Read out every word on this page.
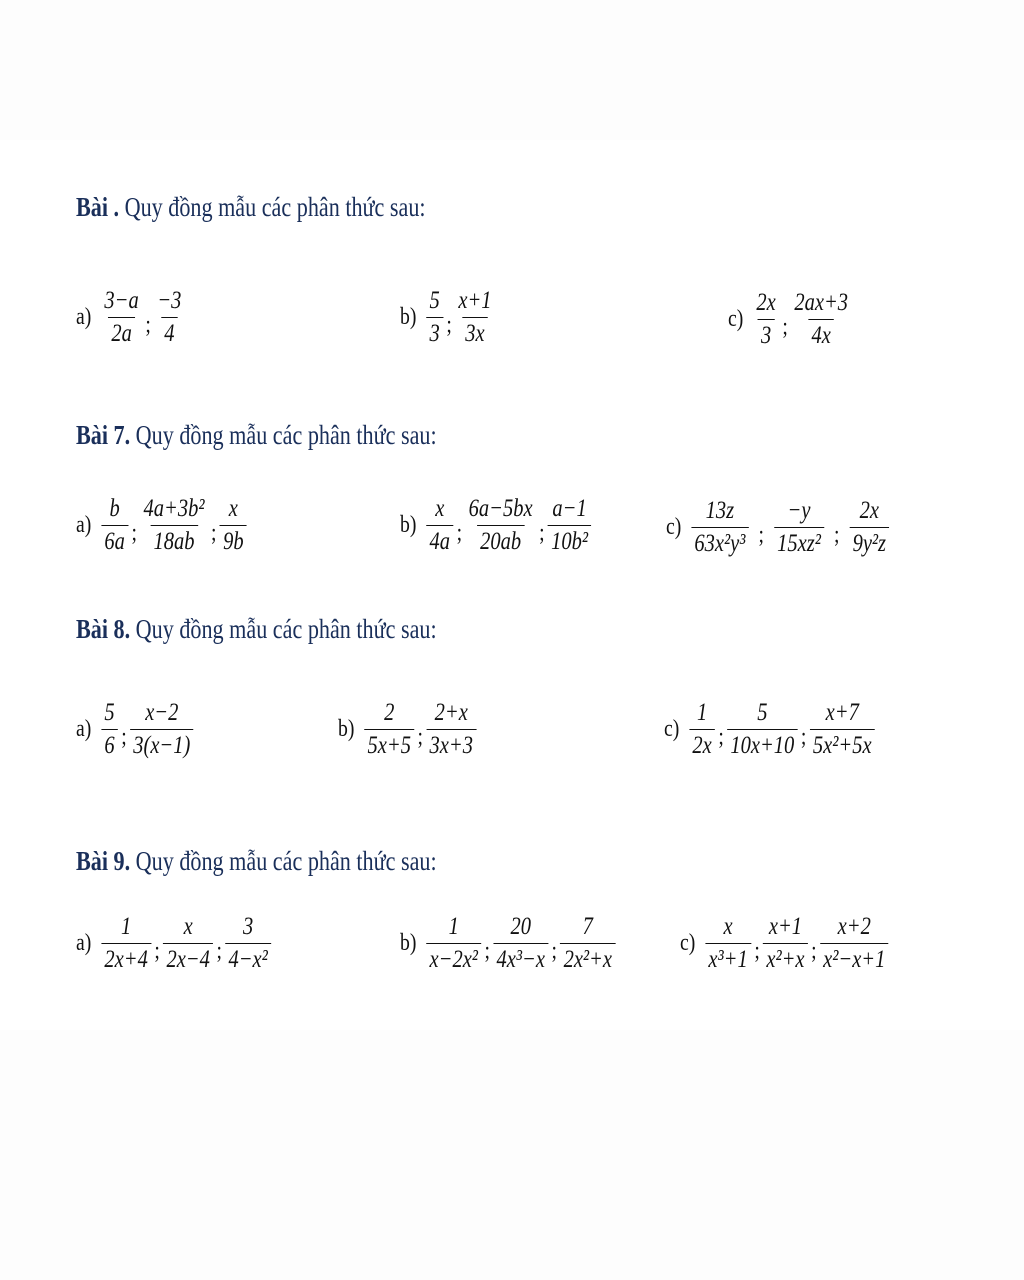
Bài . Quy đồng mẫu các phân thức sau:
$a) \frac{3-a}{2a}$ ; $\frac{-3}{4}$	$b) \frac{5}{3}$ ; $\frac{x+1}{3x}$	$c) \frac{2x}{3}$ ; $\frac{2ax+3}{4x}$
Bài 7. Quy đồng mẫu các phân thức sau:
$a) \frac{b}{6a}$ ; $\frac{\text{4a+3b²}}{18ab}$ ; $\frac{x}{9b}$	$b) \frac{x}{4a}$ ; $\frac{6a-5bx}{20ab}$ ; $\frac{a-1}{\text{10b²}}$	$c) \frac{13z}{\text{63x²y³}}$ ; $\frac{-y}{\text{15xz²}}$ ; $\frac{2x}{\text{9y²z}}$
Bài 8. Quy đồng mẫu các phân thức sau:
$a) \frac{5}{6}$ ; $\frac{x-2}{3(x-1)}$	$b) \frac{2}{5x+5}$ ; $\frac{2+x}{3x+3}$	$c) \frac{1}{2x}$ ; $\frac{5}{10x+10}$ ; $\frac{x+7}{\text{5x²+5x}}$
Bài 9. Quy đồng mẫu các phân thức sau:
$a) \frac{1}{2x+4}$ ; $\frac{x}{2x-4}$ ; $\frac{3}{\text{4−x²}}$	$b) \frac{1}{\text{x−2x²}}$ ; $\frac{20}{\text{4x³−x}}$ ; $\frac{7}{\text{2x²+x}}$	$c) \frac{x}{\text{x³+1}}$ ; $\frac{x+1}{\text{x²+x}}$ ; $\frac{x+2}{\text{x²−x+1}}$
